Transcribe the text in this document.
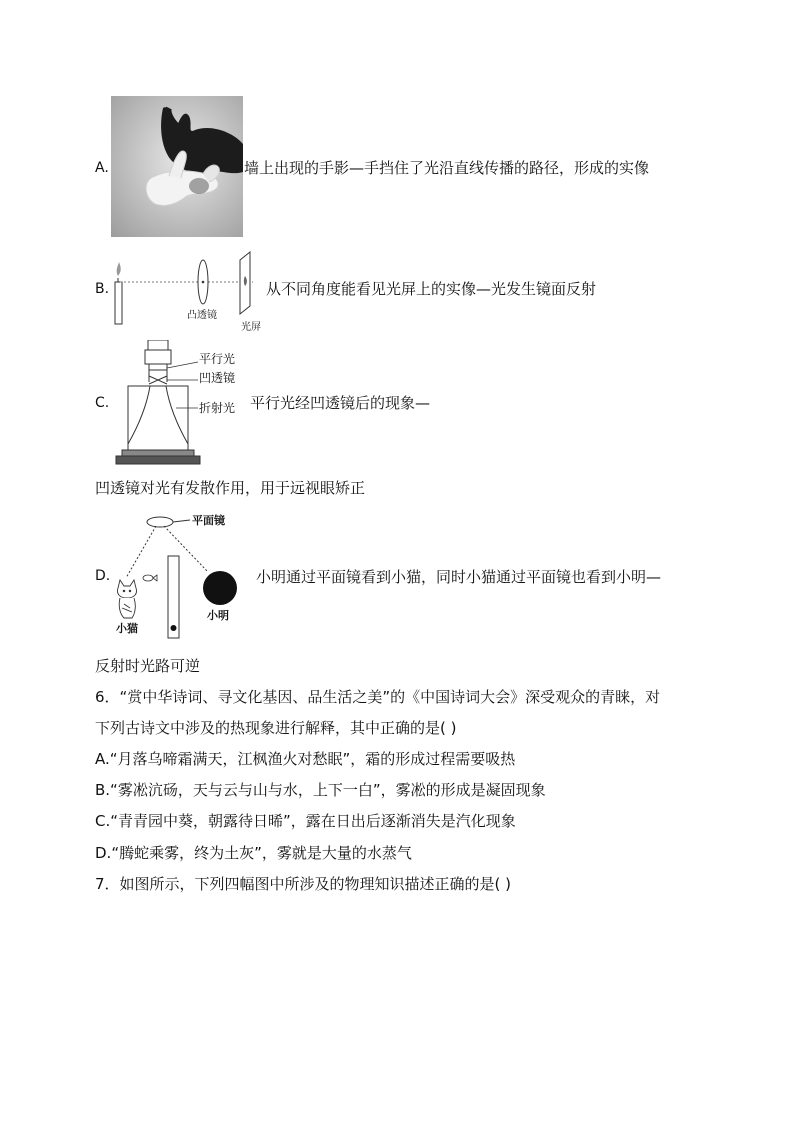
A.	墙上出现的手影—手挡住了光沿直线传播的路径，形成的实像
B.
凸透镜
光屏
从不同角度能看见光屏上的实像—光发生镜面反射
C.
平行光
凹透镜
折射光 平行光经凹透镜后的现象—
凹透镜对光有发散作用，用于远视眼矫正
D.
平面镜
小猫
小明
小明通过平面镜看到小猫，同时小猫通过平面镜也看到小明—
反射时光路可逆
6．“赏中华诗词、寻文化基因、品生活之美”的《中国诗词大会》深受观众的青睐，对
下列古诗文中涉及的热现象进行解释，其中正确的是( )
A.“月落乌啼霜满天，江枫渔火对愁眠”，霜的形成过程需要吸热
B.“雾凇沆砀，天与云与山与水，上下一白”，雾凇的形成是凝固现象
C.“青青园中葵，朝露待日晞”，露在日出后逐渐消失是汽化现象
D.“腾蛇乘雾，终为土灰”，雾就是大量的水蒸气
7．如图所示，下列四幅图中所涉及的物理知识描述正确的是( )
